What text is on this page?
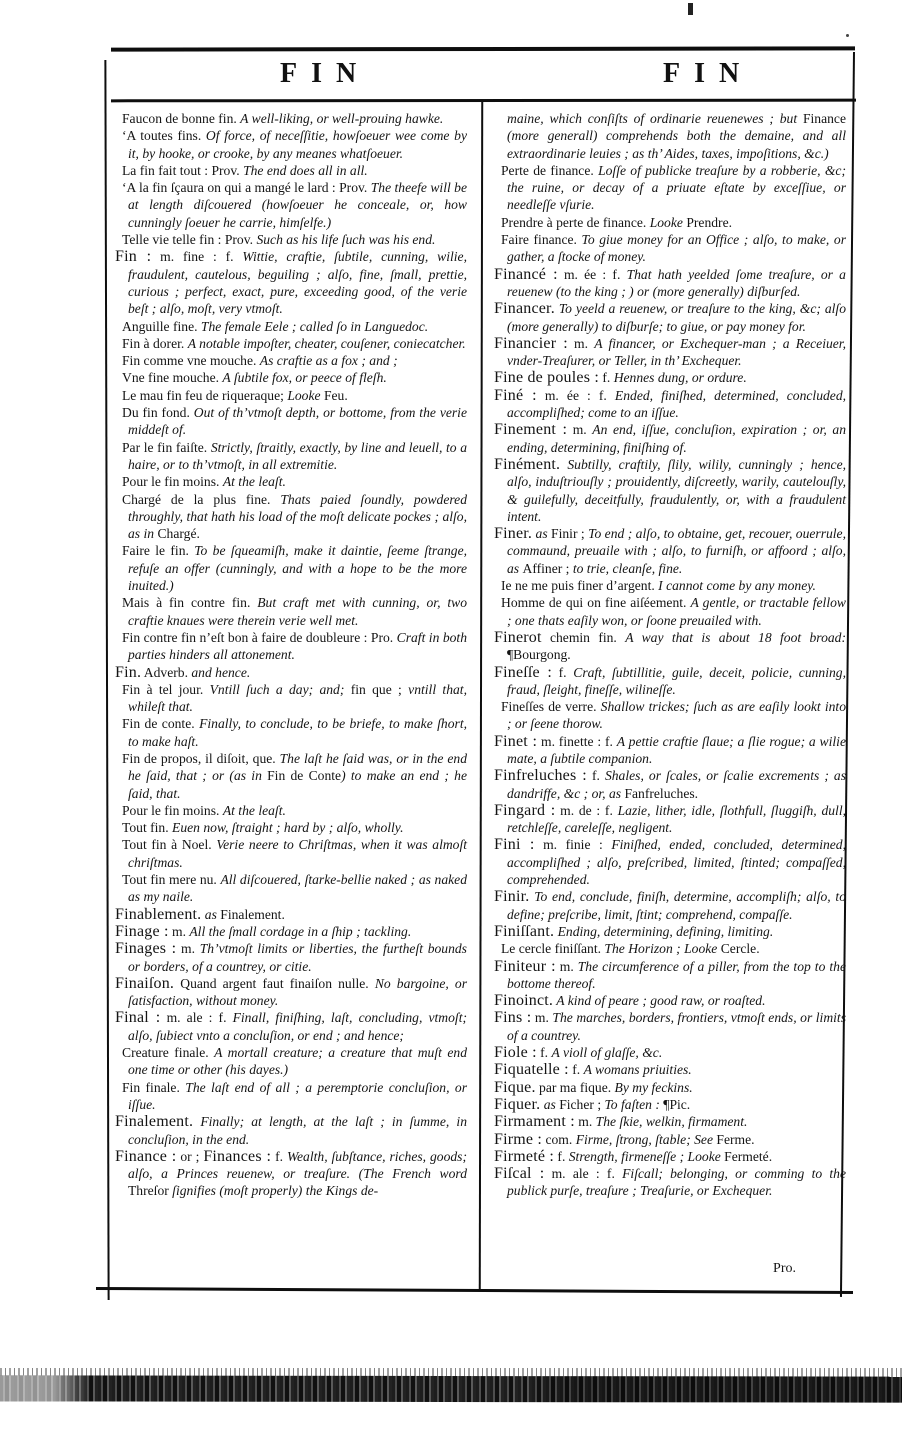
FIN	FIN

Faucon de bonne fin. A well-liking, or well-prouing hawke.

‘A toutes fins. Of force, of neceſſitie, howſoeuer wee come by it, by hooke, or crooke, by any meanes whatſoeuer.

La fin fait tout : Prov. The end does all in all.

‘A la fin ſçaura on qui a mangé le lard : Prov. The theefe will be at length diſcouered (howſoeuer he conceale, or, how cunningly ſoeuer he carrie, himſelfe.)

Telle vie telle fin : Prov. Such as his life ſuch was his end.

Fin : m. fine : f. Wittie, craftie, ſubtile, cunning, wilie, fraudulent, cautelous, beguiling ; alſo, fine, ſmall, prettie, curious ; perfect, exact, pure, exceeding good, of the verie beſt ; alſo, moſt, very vtmoſt.

Anguille fine. The female Eele ; called ſo in Languedoc.

Fin à dorer. A notable impoſter, cheater, couſener, coniecatcher.

Fin comme vne mouche. As craftie as a fox ; and ;

Vne fine mouche. A ſubtile fox, or peece of fleſh.

Le mau fin feu de riqueraque; Looke Feu.

Du fin fond. Out of th’vtmoſt depth, or bottome, from the verie middeſt of.

Par le fin faiſte. Strictly, ſtraitly, exactly, by line and leuell, to a haire, or to th’vtmoſt, in all extremitie.

Pour le fin moins. At the leaſt.

Chargé de la plus fine. Thats paied ſoundly, powdered throughly, that hath his load of the moſt delicate pockes ; alſo, as in Chargé.

Faire le fin. To be ſqueamiſh, make it daintie, ſeeme ſtrange, refuſe an offer (cunningly, and with a hope to be the more inuited.)

Mais à fin contre fin. But craft met with cunning, or, two craftie knaues were therein verie well met.

Fin contre fin n’eſt bon à faire de doubleure : Pro. Craft in both parties hinders all attonement.

Fin. Adverb. and hence.

Fin à tel jour. Vntill ſuch a day; and; fin que ; vntill that, whileſt that.

Fin de conte. Finally, to conclude, to be briefe, to make ſhort, to make haſt.

Fin de propos, il diſoit, que. The laſt he ſaid was, or in the end he ſaid, that ; or (as in Fin de Conte) to make an end ; he ſaid, that.

Pour le fin moins. At the leaſt.

Tout fin. Euen now, ſtraight ; hard by ; alſo, wholly.

Tout fin à Noel. Verie neere to Chriſtmas, when it was almoſt chriſtmas.

Tout fin mere nu. All diſcouered, ſtarke-bellie naked ; as naked as my naile.

Finablement. as Finalement.

Finage : m. All the ſmall cordage in a ſhip ; tackling.

Finages : m. Th’vtmoſt limits or liberties, the furtheſt bounds or borders, of a countrey, or citie.

Finaiſon. Quand argent faut finaiſon nulle. No bargoine, or ſatisfaction, without money.

Final : m. ale : f. Finall, finiſhing, laſt, concluding, vtmoſt; alſo, ſubiect vnto a concluſion, or end ; and hence;

Creature finale. A mortall creature; a creature that muſt end one time or other (his dayes.)

Fin finale. The laſt end of all ; a peremptorie concluſion, or iſſue.

Finalement. Finally; at length, at the laſt ; in ſumme, in concluſion, in the end.

Finance : or ; Finances : f. Wealth, ſubſtance, riches, goods; alſo, a Princes reuenew, or treaſure. (The French word Threſor ſignifies (moſt properly) the Kings de-

maine, which conſiſts of ordinarie reuenewes ; but Finance (more generall) comprehends both the demaine, and all extraordinarie leuies ; as th’ Aides, taxes, impoſitions, &c.)

Perte de finance. Loſſe of publicke treaſure by a robberie, &c; the ruine, or decay of a priuate eſtate by exceſſiue, or needleſſe vſurie.

Prendre à perte de finance. Looke Prendre.

Faire finance. To giue money for an Office ; alſo, to make, or gather, a ſtocke of money.

Financé : m. ée : f. That hath yeelded ſome treaſure, or a reuenew (to the king ; ) or (more generally) diſburſed.

Financer. To yeeld a reuenew, or treaſure to the king, &c; alſo (more generally) to diſburſe; to giue, or pay money for.

Financier : m. A financer, or Exchequer-man ; a Receiuer, vnder-Treaſurer, or Teller, in th’ Exchequer.

Fine de poules : f. Hennes dung, or ordure.

Finé : m. ée : f. Ended, finiſhed, determined, concluded, accompliſhed; come to an iſſue.

Finement : m. An end, iſſue, concluſion, expiration ; or, an ending, determining, finiſhing of.

Finément. Subtilly, craftily, ſlily, wilily, cunningly ; hence, alſo, induſtriouſly ; prouidently, diſcreetly, warily, cautelouſly, & guilefully, deceitfully, fraudulently, or, with a fraudulent intent.

Finer. as Finir ; To end ; alſo, to obtaine, get, recouer, ouerrule, commaund, preuaile with ; alſo, to furniſh, or affoord ; alſo, as Affiner ; to trie, cleanſe, fine.

Ie ne me puis finer d’argent. I cannot come by any money.

Homme de qui on fine aiſéement. A gentle, or tractable fellow ; one thats eaſily won, or ſoone preuailed with.

Finerot chemin fin. A way that is about 18 foot broad: ¶Bourgong.

Fineſſe : f. Craft, ſubtillitie, guile, deceit, policie, cunning, fraud, ſleight, fineſſe, wilineſſe.

Fineſſes de verre. Shallow trickes; ſuch as are eaſily lookt into ; or ſeene thorow.

Finet : m. finette : f. A pettie craftie ſlaue; a ſlie rogue; a wilie mate, a ſubtile companion.

Finfreluches : f. Shales, or ſcales, or ſcalie excrements ; as dandriffe, &c ; or, as Fanfreluches.

Fingard : m. de : f. Lazie, lither, idle, ſlothfull, ſluggiſh, dull, retchleſſe, careleſſe, negligent.

Fini : m. finie : Finiſhed, ended, concluded, determined, accompliſhed ; alſo, preſcribed, limited, ſtinted; compaſſed, comprehended.

Finir. To end, conclude, finiſh, determine, accompliſh; alſo, to define; preſcribe, limit, ſtint; comprehend, compaſſe.

Finiſſant. Ending, determining, defining, limiting.

Le cercle finiſſant. The Horizon ; Looke Cercle.

Finiteur : m. The circumference of a piller, from the top to the bottome thereof.

Finoinct. A kind of peare ; good raw, or roaſted.

Fins : m. The marches, borders, frontiers, vtmoſt ends, or limits of a countrey.

Fiole : f. A violl of glaſſe, &c.

Fiquatelle : f. A womans priuities.

Fique. par ma fique. By my feckins.

Fiquer. as Ficher ; To faſten : ¶Pic.

Firmament : m. The ſkie, welkin, firmament.

Firme : com. Firme, ſtrong, ſtable; See Ferme.

Firmeté : f. Strength, firmeneſſe ; Looke Fermeté.

Fiſcal : m. ale : f. Fiſcall; belonging, or comming to the publick purſe, treaſure ; Treaſurie, or Exchequer.

Pro.
